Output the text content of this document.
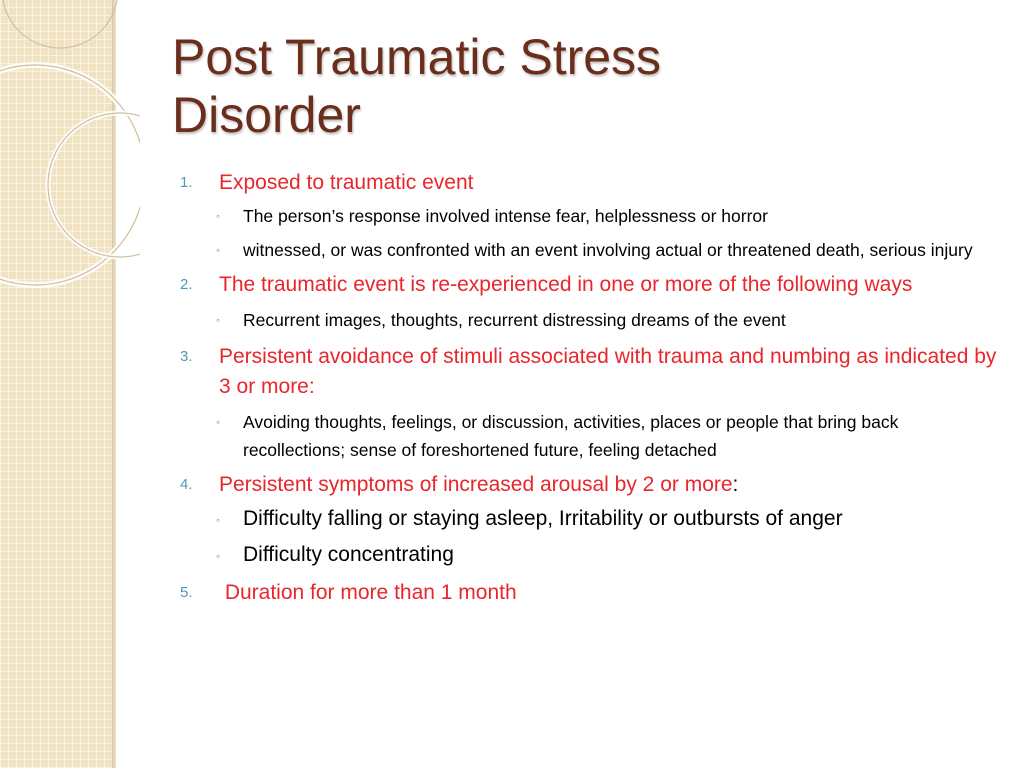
Post Traumatic Stress
Disorder
1. Exposed to traumatic event
◦ The person’s response involved intense fear, helplessness or horror
◦ witnessed, or was confronted with an event involving actual or threatened death, serious injury
2. The traumatic event is re-experienced in one or more of the following ways
◦ Recurrent images, thoughts, recurrent distressing dreams of the event
3. Persistent avoidance of stimuli associated with trauma and numbing as indicated by 3 or more:
◦ Avoiding thoughts, feelings, or discussion, activities, places or people that bring back recollections; sense of foreshortened future, feeling detached
4. Persistent symptoms of increased arousal by 2 or more:
◦ Difficulty falling or staying asleep, Irritability or outbursts of anger
◦ Difficulty concentrating
5. Duration for more than 1 month
